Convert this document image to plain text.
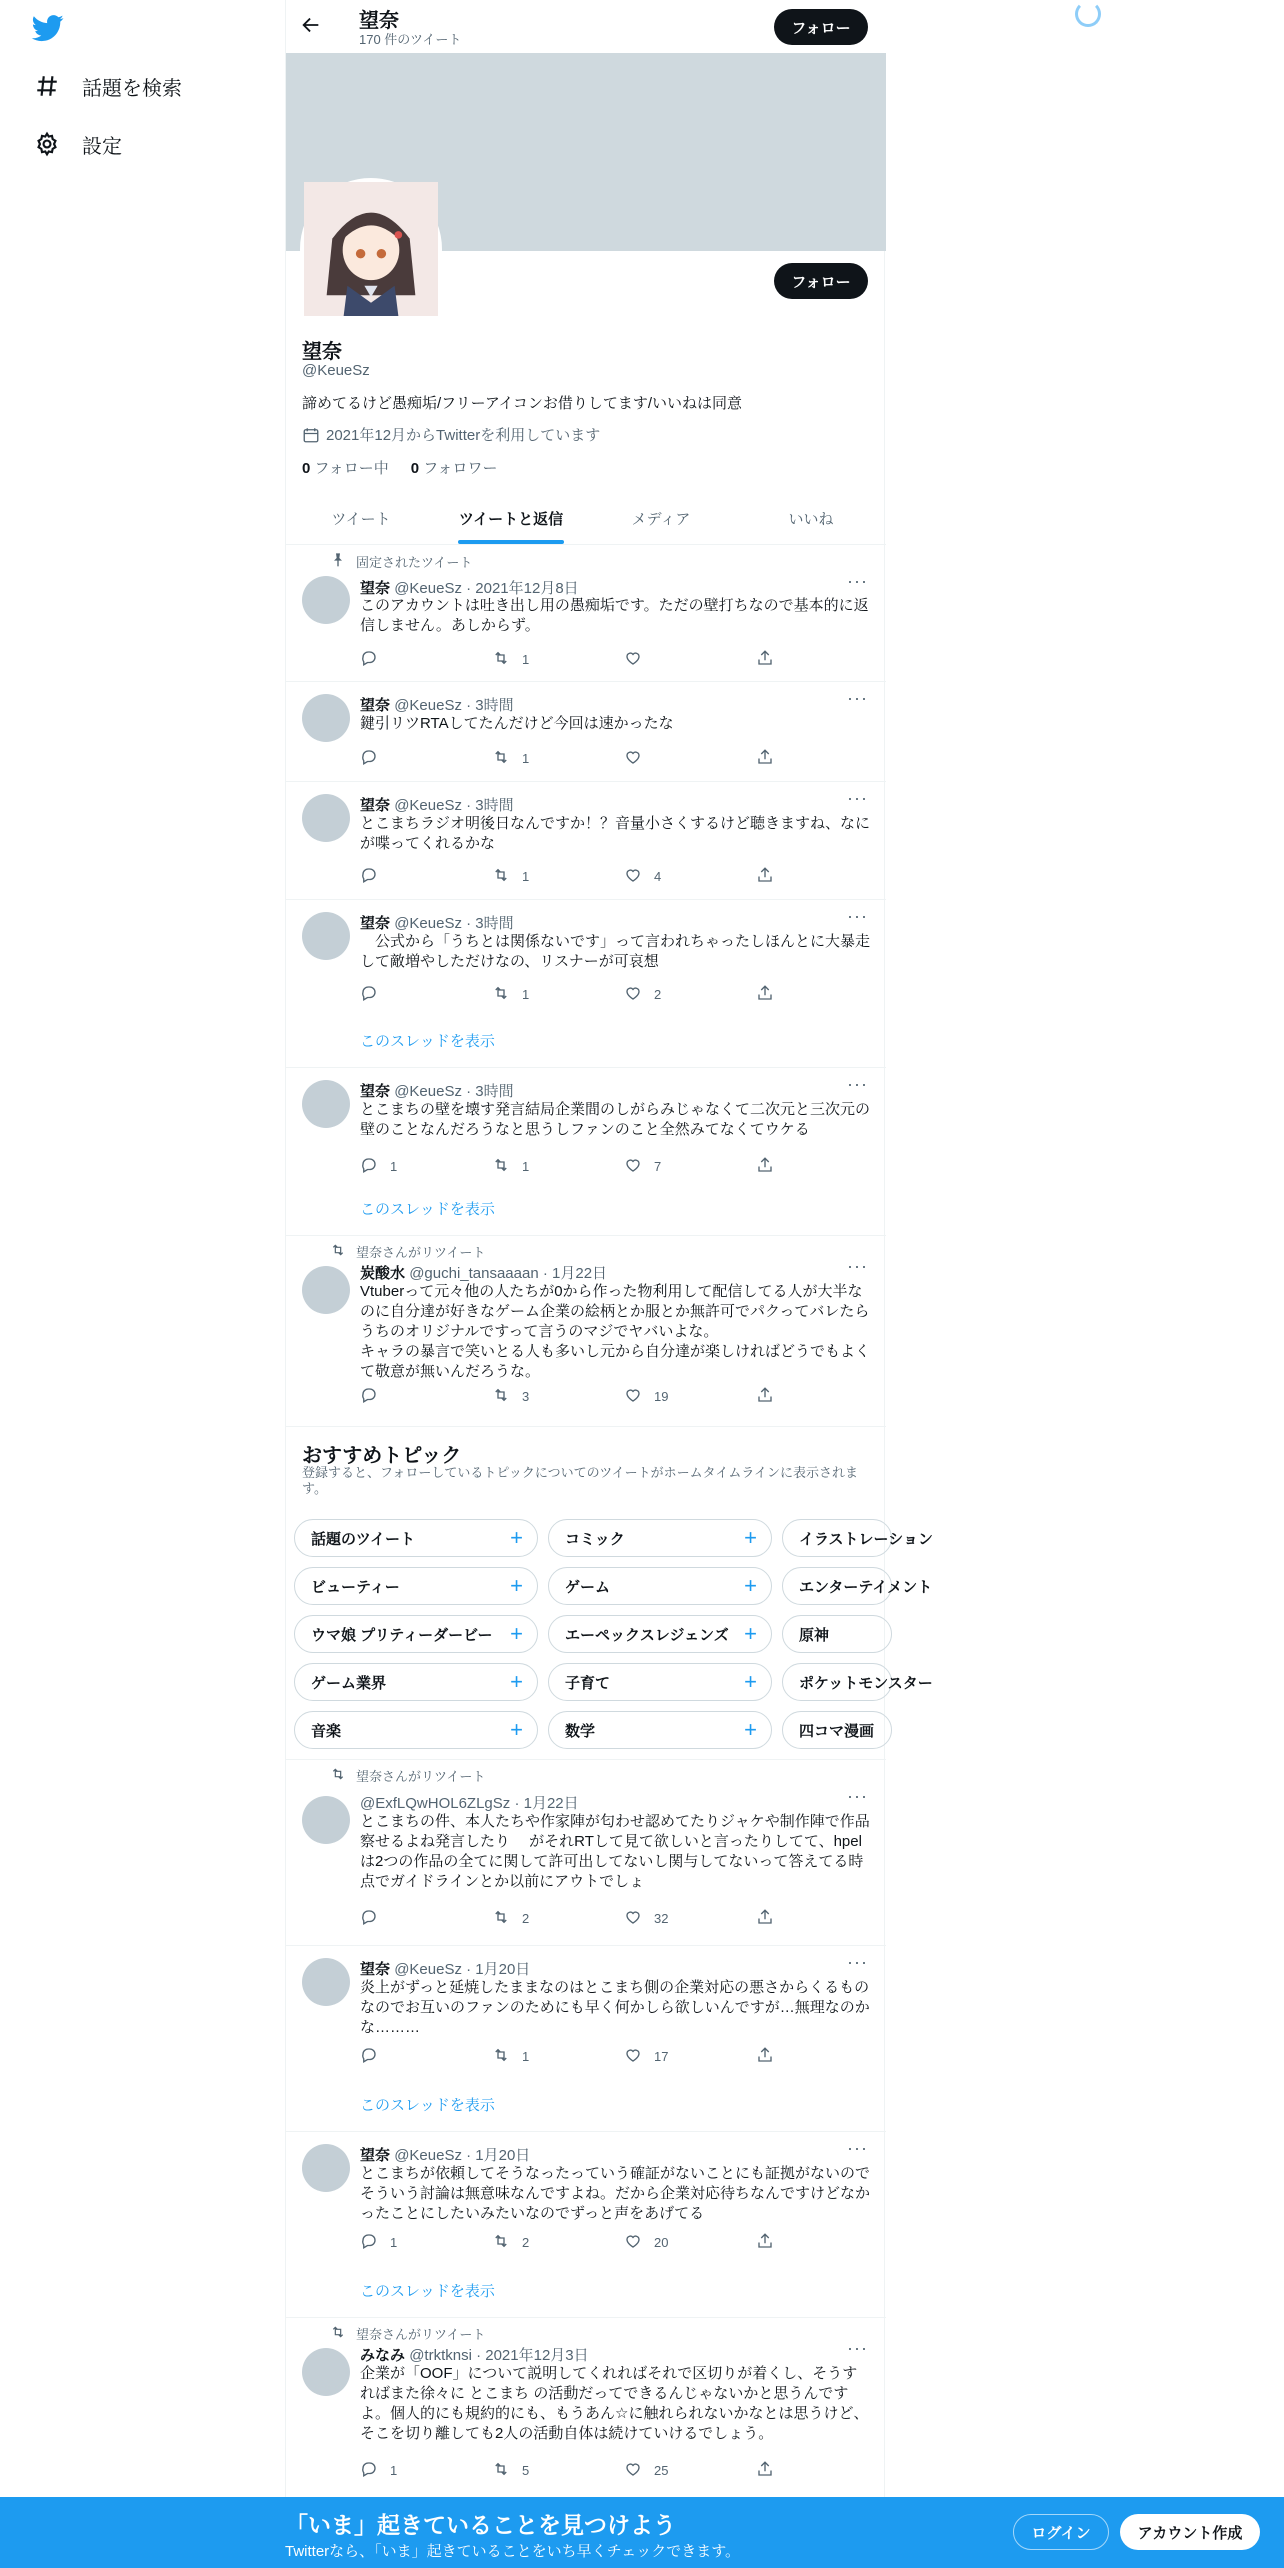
話題を検索
設定
望奈
170 件のツイート
フォロー
フォロー
望奈
@KeueSz
諦めてるけど愚痴垢/フリーアイコンお借りしてます/いいねは同意
2021年12月からTwitterを利用しています
0 フォロー中 0 フォロワー
ツイート	ツイートと返信	メディア	いいね
固定されたツイート
望奈 @KeueSz · 2021年12月8日	···
このアカウントは吐き出し用の愚痴垢です。ただの壁打ちなので基本的に返信しません。あしからず。
1
望奈 @KeueSz · 3時間	···
鍵引リツRTAしてたんだけど今回は速かったな
1
望奈 @KeueSz · 3時間	···
とこまちラジオ明後日なんですか！？音量小さくするけど聴きますね、なにが喋ってくれるかな
1	4
望奈 @KeueSz · 3時間	···
　公式から「うちとは関係ないです」って言われちゃったしほんとに大暴走して敵増やしただけなの、リスナーが可哀想
1	2
このスレッドを表示
望奈 @KeueSz · 3時間	···
とこまちの壁を壊す発言結局企業間のしがらみじゃなくて二次元と三次元の壁のことなんだろうなと思うしファンのこと全然みてなくてウケる
1	1	7
このスレッドを表示
望奈さんがリツイート
炭酸水 @guchi_tansaaaan · 1月22日	···
Vtuberって元々他の人たちが0から作った物利用して配信してる人が大半なのに自分達が好きなゲーム企業の絵柄とか服とか無許可でパクってバレたらうちのオリジナルですって言うのマジでヤバいよな。
キャラの暴言で笑いとる人も多いし元から自分達が楽しければどうでもよくて敬意が無いんだろうな。
3	19
望奈さんがリツイート
@ExfLQwHOL6ZLgSz · 1月22日	···
とこまちの件、本人たちや作家陣が匂わせ認めてたりジャケや制作陣で作品察せるよね発言したり　 がそれRTして見て欲しいと言ったりしてて、hpelは2つの作品の全てに関して許可出してないし関与してないって答えてる時点でガイドラインとか以前にアウトでしょ
2	32
望奈 @KeueSz · 1月20日	···
炎上がずっと延焼したままなのはとこまち側の企業対応の悪さからくるものなのでお互いのファンのためにも早く何かしら欲しいんですが…無理なのかな………
1	17
このスレッドを表示
望奈 @KeueSz · 1月20日	···
とこまちが依頼してそうなったっていう確証がないことにも証拠がないのでそういう討論は無意味なんですよね。だから企業対応待ちなんですけどなかったことにしたいみたいなのでずっと声をあげてる
1	2	20
このスレッドを表示
望奈さんがリツイート
みなみ @trktknsi · 2021年12月3日	···
企業が「OOF」について説明してくれればそれで区切りが着くし、そうすればまた徐々に とこまち の活動だってできるんじゃないかと思うんですよ。個人的にも規約的にも、もうあん☆に触れられないかなとは思うけど、そこを切り離しても2人の活動自体は続けていけるでしょう。
1	5	25
おすすめトピック
登録すると、フォローしているトピックについてのツイートがホームタイムラインに表示されます。
話題のツイート	+	コミック	+	イラストレーション
ビューティー	+	ゲーム	+	エンターテイメント
ウマ娘 プリティーダービー +	エーペックスレジェンズ +	原神
ゲーム業界	+	子育て	+	ポケットモンスター
音楽	+	数学	+	四コマ漫画
「いま」起きていることを見つけよう
Twitterなら、「いま」起きていることをいち早くチェックできます。
ログイン	アカウント作成
